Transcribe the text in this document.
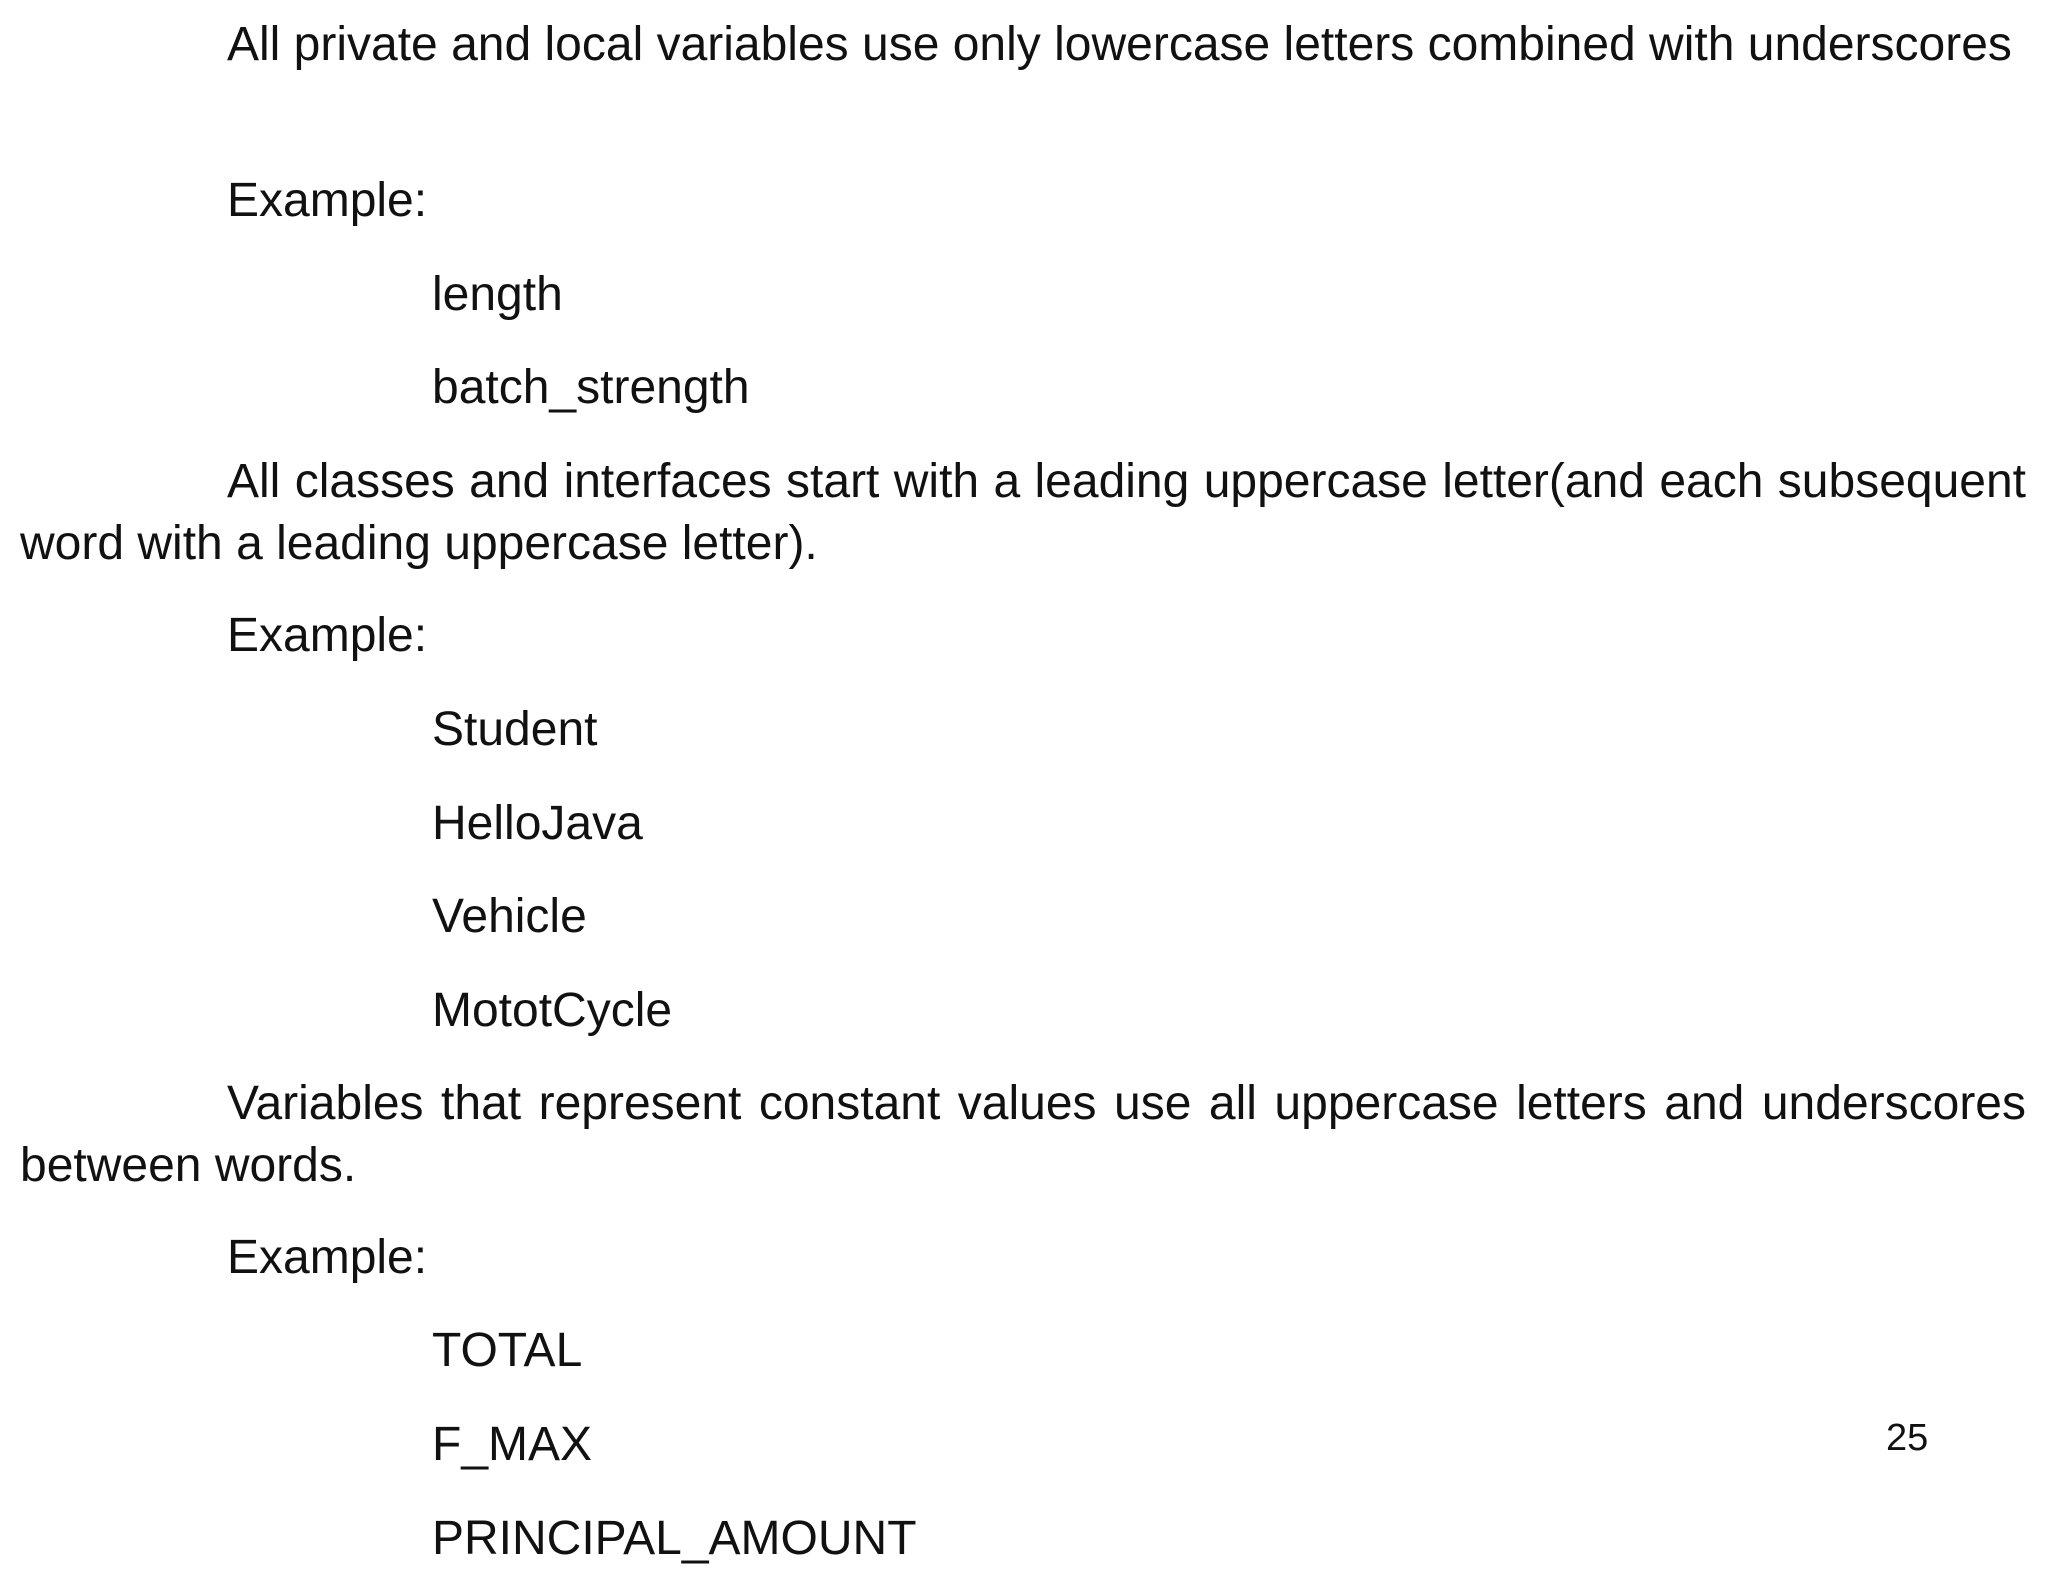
All private and local variables use only lowercase letters combined with underscores

Example:

length

batch_strength

All classes and interfaces start with a leading uppercase letter(and each subsequent word with a leading uppercase letter).

Example:

Student

HelloJava

Vehicle

MototCycle

Variables that represent constant values use all uppercase letters and underscores between words.

Example:

TOTAL

F_MAX

PRINCIPAL_AMOUNT

25
